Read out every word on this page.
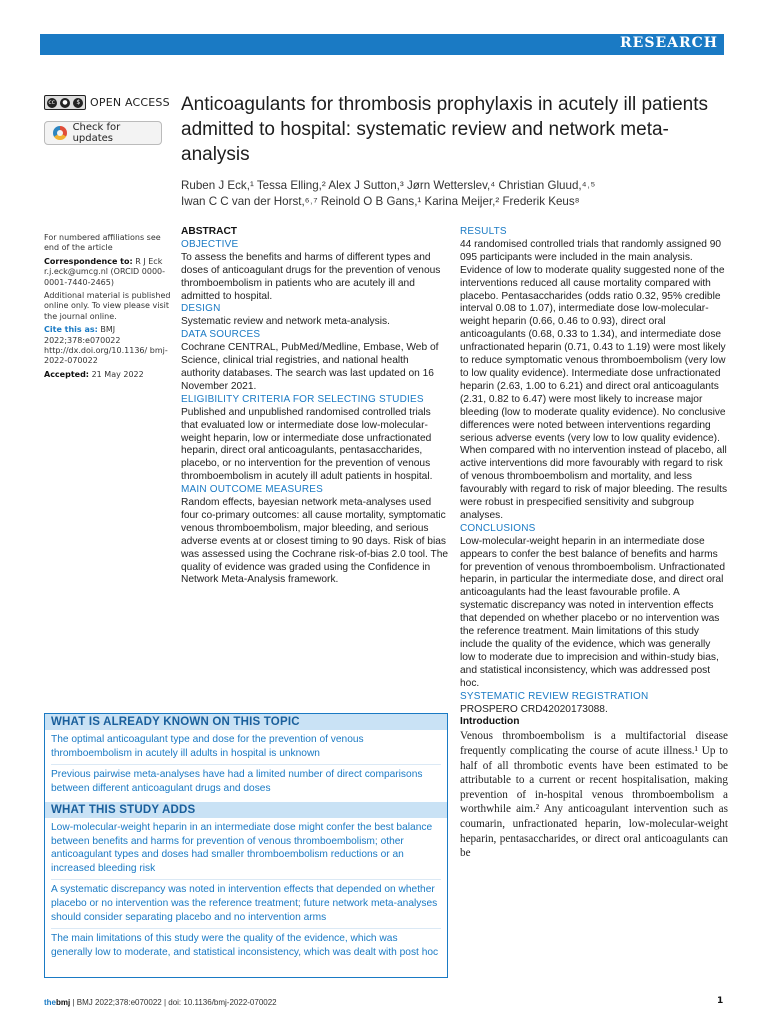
RESEARCH
cc	●	$ OPEN ACCESS
Check for updates
Anticoagulants for thrombosis prophylaxis in acutely ill patients admitted to hospital: systematic review and network meta-analysis
Ruben J Eck,¹ Tessa Elling,² Alex J Sutton,³ Jørn Wetterslev,⁴ Christian Gluud,⁴˒⁵
Iwan C C van der Horst,⁶˒⁷ Reinold O B Gans,¹ Karina Meijer,² Frederik Keus⁸

For numbered affiliations see end of the article

Correspondence to: R J Eck r.j.eck@umcg.nl (ORCID 0000-0001-7440-2465)

Additional material is published online only. To view please visit the journal online.

Cite this as: BMJ 2022;378:e070022 http://dx.doi.org/10.1136/ bmj-2022-070022

Accepted: 21 May 2022

ABSTRACT

OBJECTIVE

To assess the benefits and harms of different types and doses of anticoagulant drugs for the prevention of venous thromboembolism in patients who are acutely ill and admitted to hospital.

DESIGN

Systematic review and network meta-analysis.

DATA SOURCES

Cochrane CENTRAL, PubMed/Medline, Embase, Web of Science, clinical trial registries, and national health authority databases. The search was last updated on 16 November 2021.

ELIGIBILITY CRITERIA FOR SELECTING STUDIES

Published and unpublished randomised controlled trials that evaluated low or intermediate dose low-molecular-weight heparin, low or intermediate dose unfractionated heparin, direct oral anticoagulants, pentasaccharides, placebo, or no intervention for the prevention of venous thromboembolism in acutely ill adult patients in hospital.

MAIN OUTCOME MEASURES

Random effects, bayesian network meta-analyses used four co-primary outcomes: all cause mortality, symptomatic venous thromboembolism, major bleeding, and serious adverse events at or closest timing to 90 days. Risk of bias was assessed using the Cochrane risk-of-bias 2.0 tool. The quality of evidence was graded using the Confidence in Network Meta-Analysis framework.

RESULTS

44 randomised controlled trials that randomly assigned 90 095 participants were included in the main analysis. Evidence of low to moderate quality suggested none of the interventions reduced all cause mortality compared with placebo. Pentasaccharides (odds ratio 0.32, 95% credible interval 0.08 to 1.07), intermediate dose low-molecular-weight heparin (0.66, 0.46 to 0.93), direct oral anticoagulants (0.68, 0.33 to 1.34), and intermediate dose unfractionated heparin (0.71, 0.43 to 1.19) were most likely to reduce symptomatic venous thromboembolism (very low to low quality evidence). Intermediate dose unfractionated heparin (2.63, 1.00 to 6.21) and direct oral anticoagulants (2.31, 0.82 to 6.47) were most likely to increase major bleeding (low to moderate quality evidence). No conclusive differences were noted between interventions regarding serious adverse events (very low to low quality evidence). When compared with no intervention instead of placebo, all active interventions did more favourably with regard to risk of venous thromboembolism and mortality, and less favourably with regard to risk of major bleeding. The results were robust in prespecified sensitivity and subgroup analyses.

CONCLUSIONS

Low-molecular-weight heparin in an intermediate dose appears to confer the best balance of benefits and harms for prevention of venous thromboembolism. Unfractionated heparin, in particular the intermediate dose, and direct oral anticoagulants had the least favourable profile. A systematic discrepancy was noted in intervention effects that depended on whether placebo or no intervention was the reference treatment. Main limitations of this study include the quality of the evidence, which was generally low to moderate due to imprecision and within-study bias, and statistical inconsistency, which was addressed post hoc.

SYSTEMATIC REVIEW REGISTRATION

PROSPERO CRD42020173088.

Introduction

Venous thromboembolism is a multifactorial disease frequently complicating the course of acute illness.¹ Up to half of all thrombotic events have been estimated to be attributable to a current or recent hospitalisation, making prevention of in-hospital venous thromboembolism a worthwhile aim.² Any anticoagulant intervention such as coumarin, unfractionated heparin, low-molecular-weight heparin, pentasaccharides, or direct oral anticoagulants can be

WHAT IS ALREADY KNOWN ON THIS TOPIC

The optimal anticoagulant type and dose for the prevention of venous thromboembolism in acutely ill adults in hospital is unknown
Previous pairwise meta-analyses have had a limited number of direct comparisons between different anticoagulant drugs and doses

WHAT THIS STUDY ADDS

Low-molecular-weight heparin in an intermediate dose might confer the best balance between benefits and harms for prevention of venous thromboembolism; other anticoagulant types and doses had smaller thromboembolism reductions or an increased bleeding risk
A systematic discrepancy was noted in intervention effects that depended on whether placebo or no intervention was the reference treatment; future network meta-analyses should consider separating placebo and no intervention arms
The main limitations of this study were the quality of the evidence, which was generally low to moderate, and statistical inconsistency, which was dealt with post hoc
thebmj | BMJ 2022;378:e070022 | doi: 10.1136/bmj-2022-070022	1
